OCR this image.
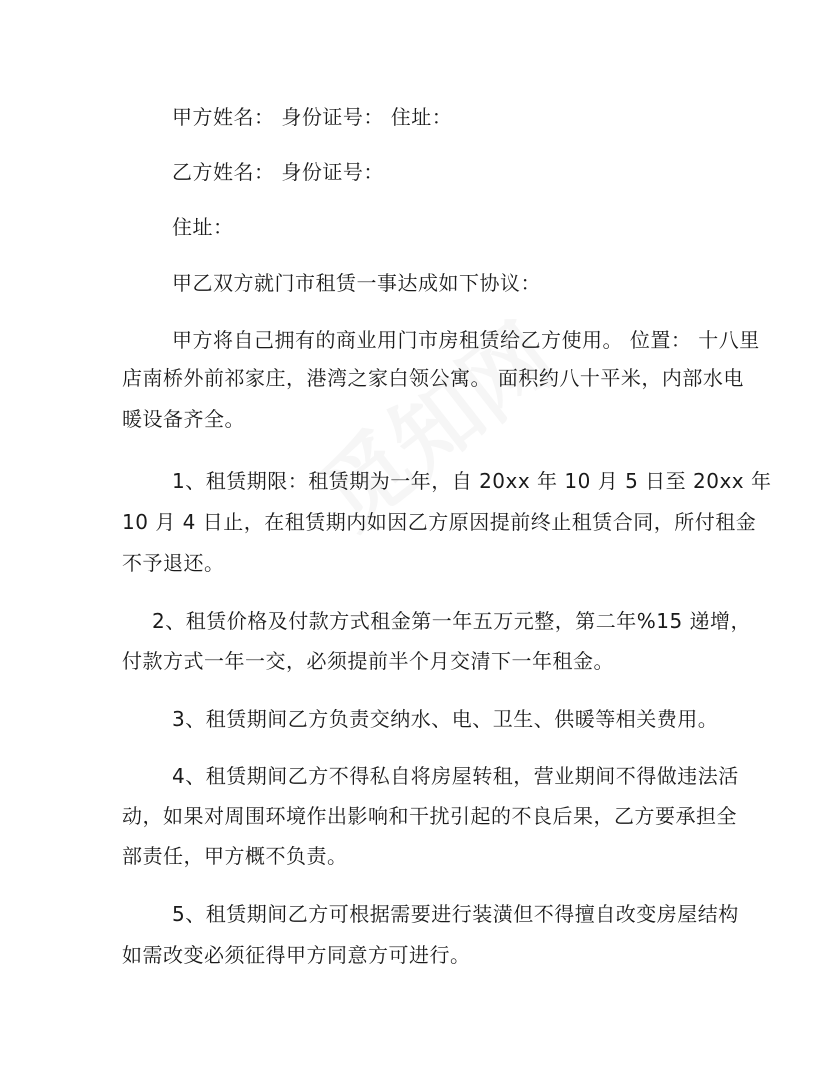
甲方姓名： 身份证号： 住址：
乙方姓名： 身份证号：
住址：
甲乙双方就门市租赁一事达成如下协议：
甲方将自己拥有的商业用门市房租赁给乙方使用。 位置： 十八里
店南桥外前祁家庄，港湾之家白领公寓。 面积约八十平米，内部水电
暖设备齐全。
1、租赁期限：租赁期为一年，自 20xx 年 10 月 5 日至 20xx 年
10 月 4 日止，在租赁期内如因乙方原因提前终止租赁合同，所付租金
不予退还。
2、租赁价格及付款方式租金第一年五万元整，第二年%15 递增，
付款方式一年一交，必须提前半个月交清下一年租金。
3、租赁期间乙方负责交纳水、电、卫生、供暖等相关费用。
4、租赁期间乙方不得私自将房屋转租，营业期间不得做违法活
动，如果对周围环境作出影响和干扰引起的不良后果，乙方要承担全
部责任，甲方概不负责。
5、租赁期间乙方可根据需要进行装潢但不得擅自改变房屋结构
如需改变必须征得甲方同意方可进行。
